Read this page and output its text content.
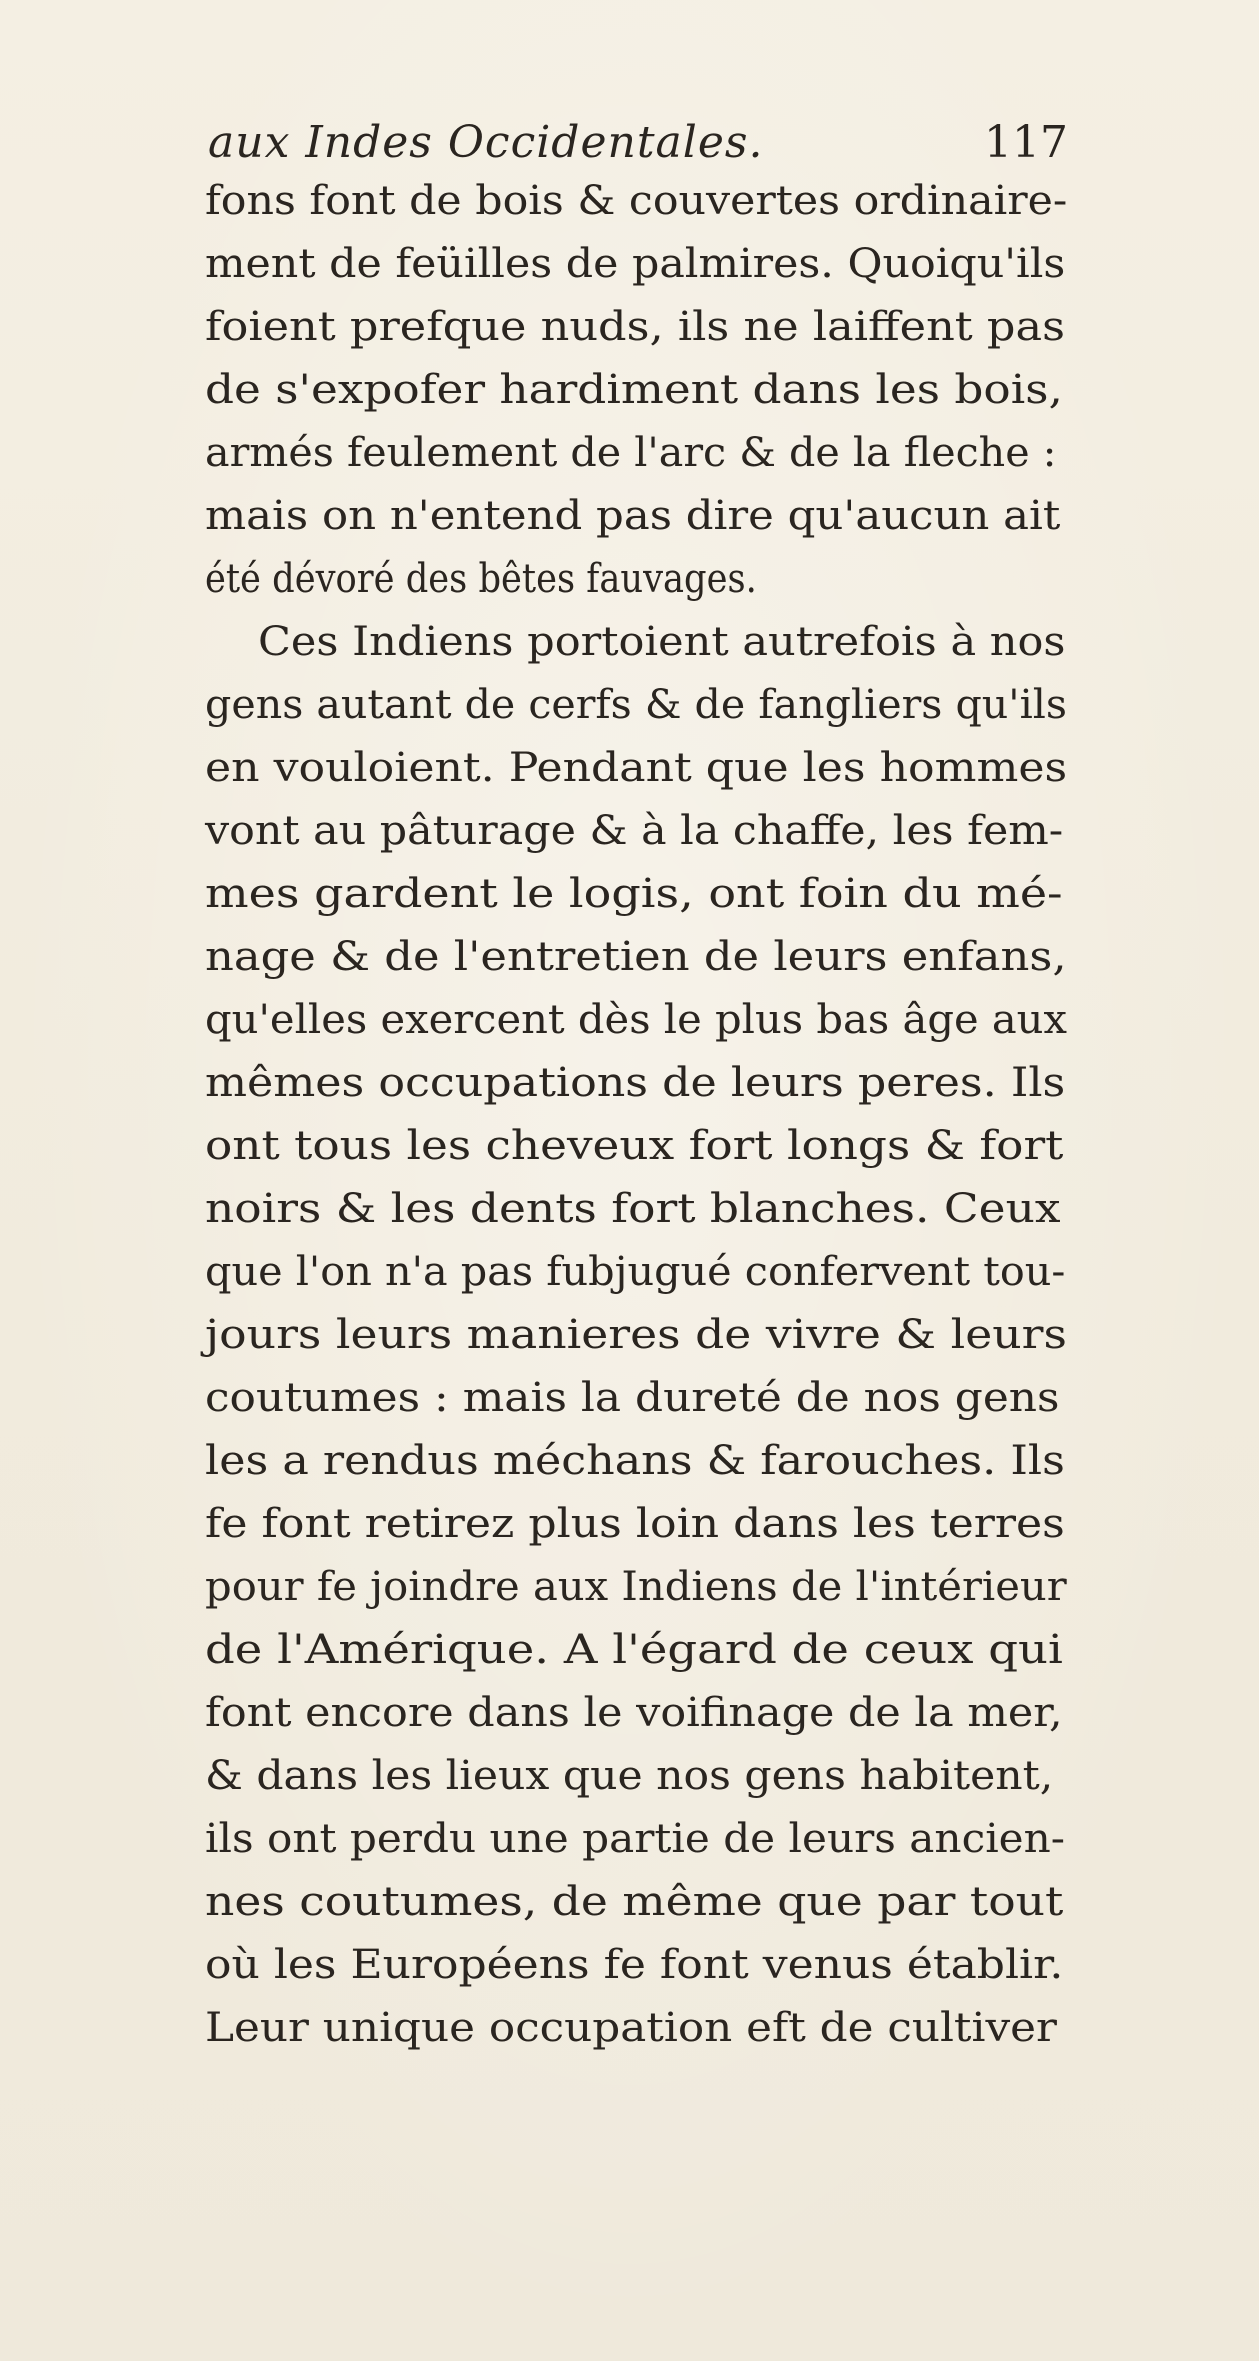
aux Indes Occidentales.	117
fons font de bois & couvertes ordinaire-
ment de feüilles de palmires. Quoiqu'ils
foient prefque nuds, ils ne laiffent pas
de s'expofer hardiment dans les bois,
armés feulement de l'arc & de la fleche :
mais on n'entend pas dire qu'aucun ait
été dévoré des bêtes fauvages.
Ces Indiens portoient autrefois à nos
gens autant de cerfs & de fangliers qu'ils
en vouloient. Pendant que les hommes
vont au pâturage & à la chaffe, les fem-
mes gardent le logis, ont foin du mé-
nage & de l'entretien de leurs enfans,
qu'elles exercent dès le plus bas âge aux
mêmes occupations de leurs peres. Ils
ont tous les cheveux fort longs & fort
noirs & les dents fort blanches. Ceux
que l'on n'a pas fubjugué confervent tou-
jours leurs manieres de vivre & leurs
coutumes : mais la dureté de nos gens
les a rendus méchans & farouches. Ils
fe font retirez plus loin dans les terres
pour fe joindre aux Indiens de l'intérieur
de l'Amérique. A l'égard de ceux qui
font encore dans le voifinage de la mer,
& dans les lieux que nos gens habitent,
ils ont perdu une partie de leurs ancien-
nes coutumes, de même que par tout
où les Européens fe font venus établir.
Leur unique occupation eft de cultiver
